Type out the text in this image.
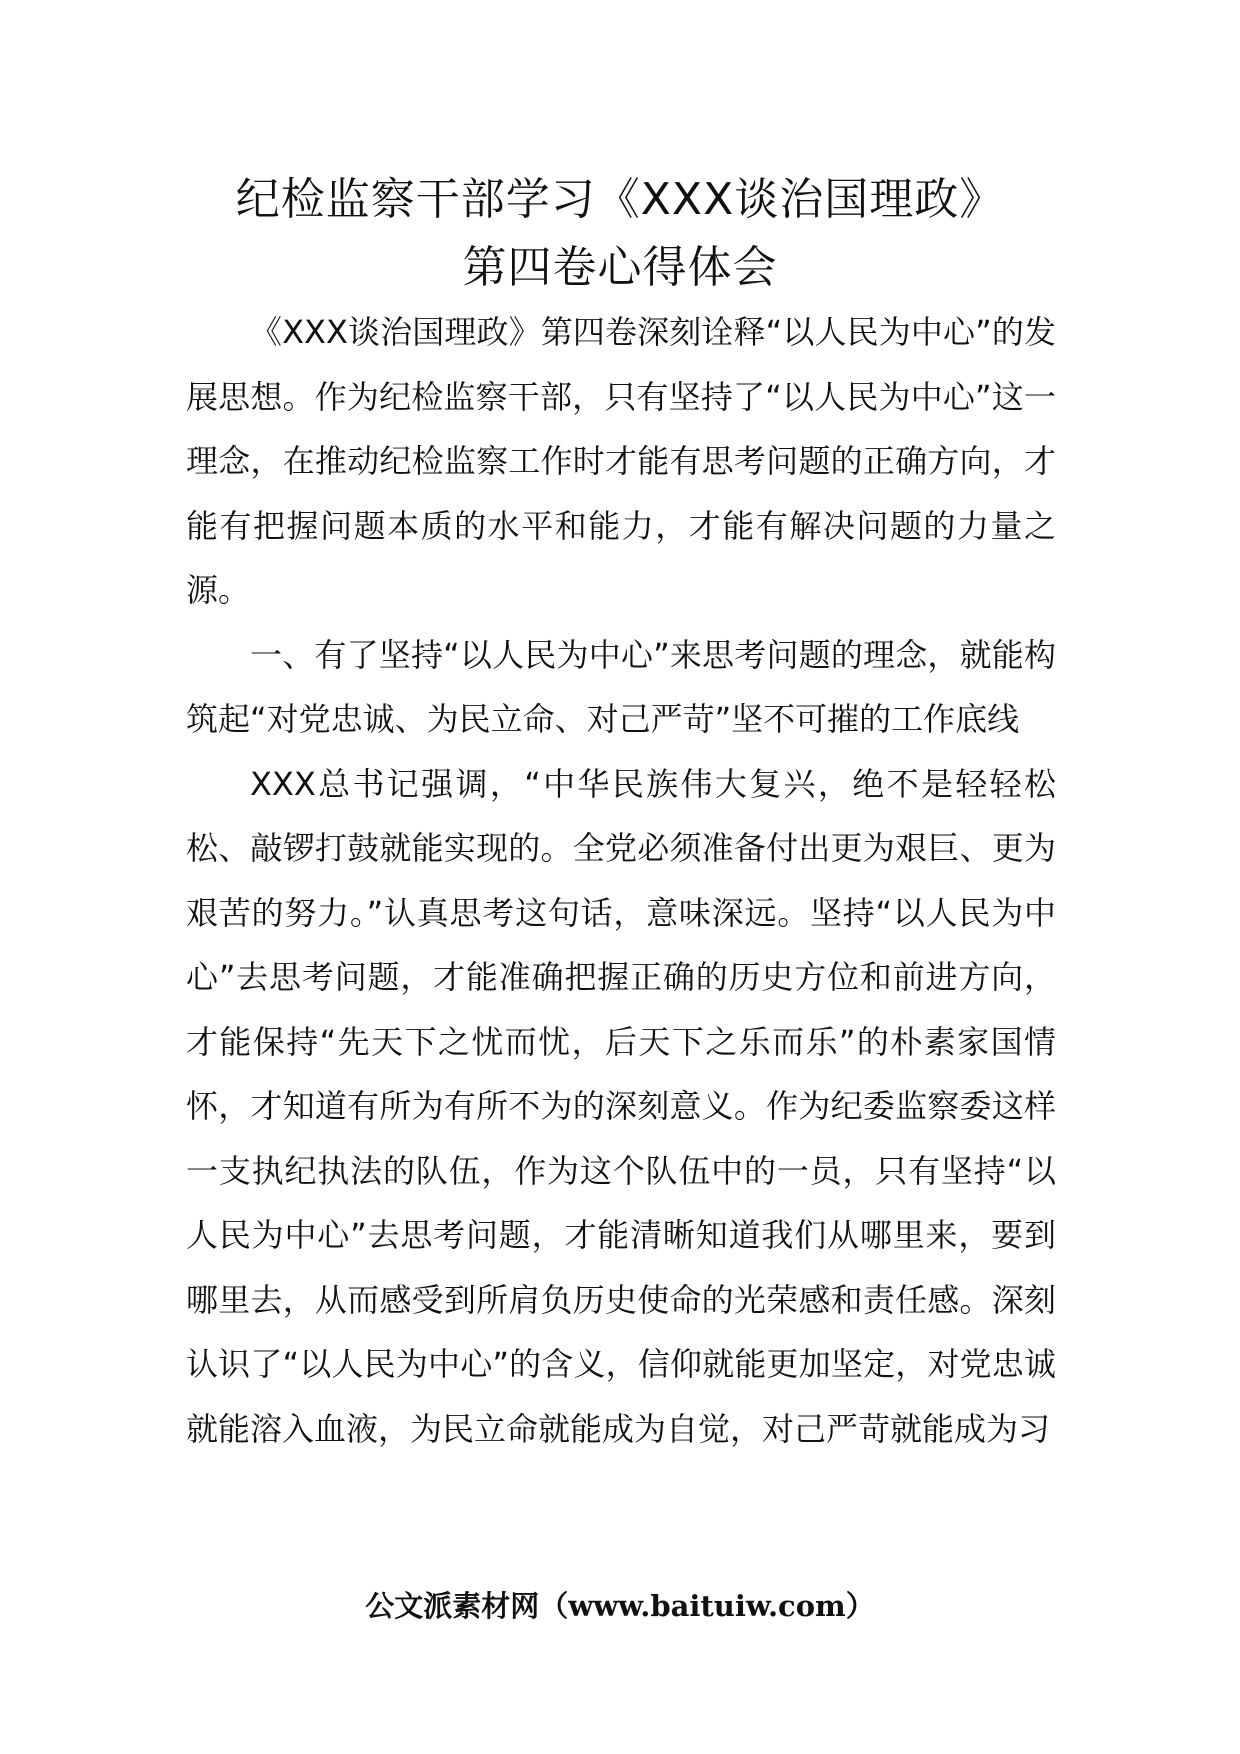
纪检监察干部学习《XXX谈治国理政》
第四卷心得体会

《XXX谈治国理政》第四卷深刻诠释“以人民为中心”的发展思想。作为纪检监察干部，只有坚持了“以人民为中心”这一理念，在推动纪检监察工作时才能有思考问题的正确方向，才能有把握问题本质的水平和能力，才能有解决问题的力量之源。

一、有了坚持“以人民为中心”来思考问题的理念，就能构筑起“对党忠诚、为民立命、对己严苛”坚不可摧的工作底线

XXX总书记强调，“中华民族伟大复兴，绝不是轻轻松松、敲锣打鼓就能实现的。全党必须准备付出更为艰巨、更为艰苦的努力。”认真思考这句话，意味深远。坚持“以人民为中心”去思考问题，才能准确把握正确的历史方位和前进方向，才能保持“先天下之忧而忧，后天下之乐而乐”的朴素家国情怀，才知道有所为有所不为的深刻意义。作为纪委监察委这样一支执纪执法的队伍，作为这个队伍中的一员，只有坚持“以人民为中心”去思考问题，才能清晰知道我们从哪里来，要到哪里去，从而感受到所肩负历史使命的光荣感和责任感。深刻认识了“以人民为中心”的含义，信仰就能更加坚定，对党忠诚就能溶入血液，为民立命就能成为自觉，对己严苛就能成为习

公文派素材网（www.baituiw.com）
